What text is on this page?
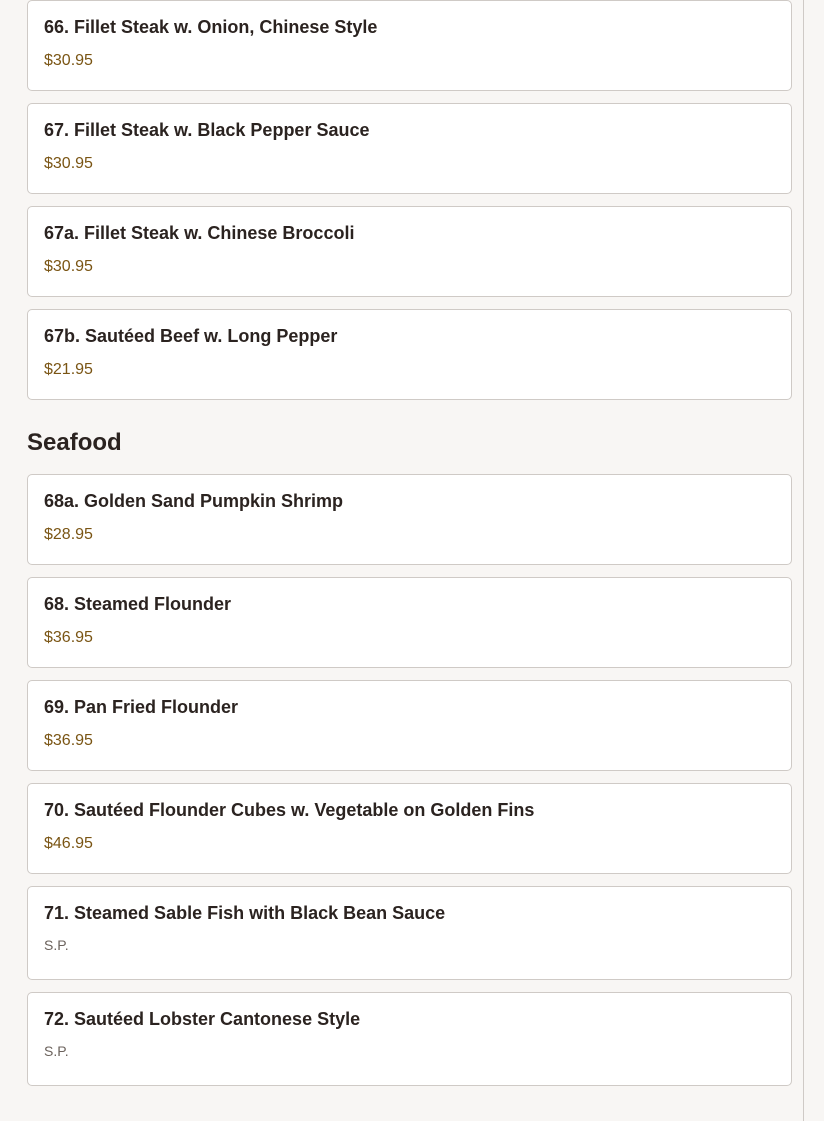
66. Fillet Steak w. Onion, Chinese Style
$30.95
67. Fillet Steak w. Black Pepper Sauce
$30.95
67a. Fillet Steak w. Chinese Broccoli
$30.95
67b. Sautéed Beef w. Long Pepper
$21.95
Seafood
68a. Golden Sand Pumpkin Shrimp
$28.95
68. Steamed Flounder
$36.95
69. Pan Fried Flounder
$36.95
70. Sautéed Flounder Cubes w. Vegetable on Golden Fins
$46.95
71. Steamed Sable Fish with Black Bean Sauce
S.P.
72. Sautéed Lobster Cantonese Style
S.P.
